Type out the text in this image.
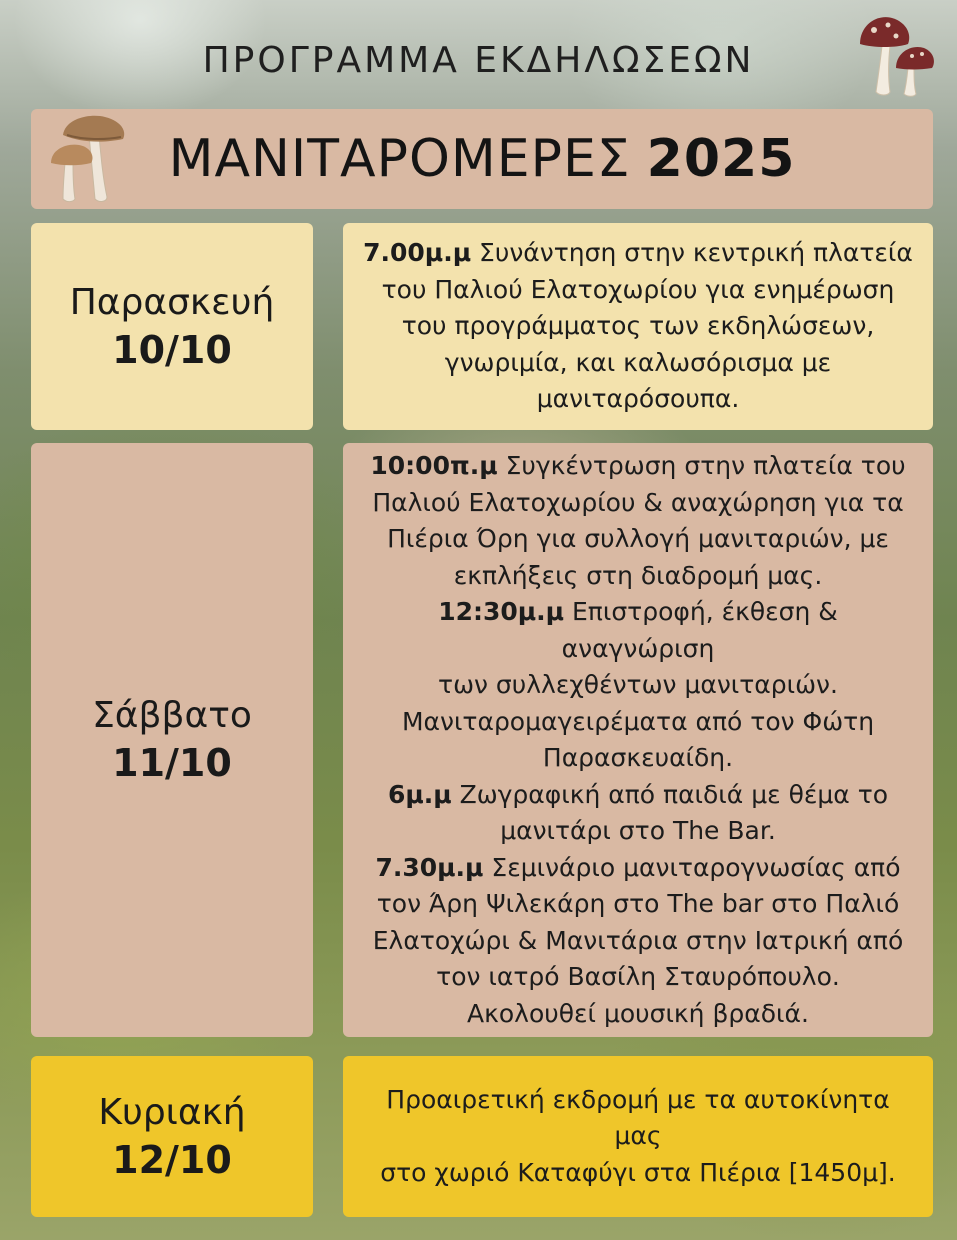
ΠΡΟΓΡΑΜΜΑ ΕΚΔΗΛΩΣΕΩΝ
ΜΑΝΙΤΑΡΟΜΕΡΕΣ 2025
Παρασκευή
10/10
7.00μ.μ Συνάντηση στην κεντρική πλατεία
του Παλιού Ελατοχωρίου για ενημέρωση
του προγράμματος των εκδηλώσεων,
γνωριμία, και καλωσόρισμα με
μανιταρόσουπα.
Σάββατο
11/10
10:00π.μ Συγκέντρωση στην πλατεία του
Παλιού Ελατοχωρίου & αναχώρηση για τα
Πιέρια Όρη για συλλογή μανιταριών, με
εκπλήξεις στη διαδρομή μας.
12:30μ.μ Επιστροφή, έκθεση & αναγνώριση
των συλλεχθέντων μανιταριών.
Μανιταρομαγειρέματα από τον Φώτη
Παρασκευαίδη.
6μ.μ Ζωγραφική από παιδιά με θέμα το
μανιτάρι στο The Bar.
7.30μ.μ Σεμινάριο μανιταρογνωσίας από
τον Άρη Ψιλεκάρη στο The bar στο Παλιό
Ελατοχώρι & Μανιτάρια στην Ιατρική από
τον ιατρό Βασίλη Σταυρόπουλο.
Ακολουθεί μουσική βραδιά.
Κυριακή
12/10
Προαιρετική εκδρομή με τα αυτοκίνητα μας
στο χωριό Καταφύγι στα Πιέρια [1450μ].
